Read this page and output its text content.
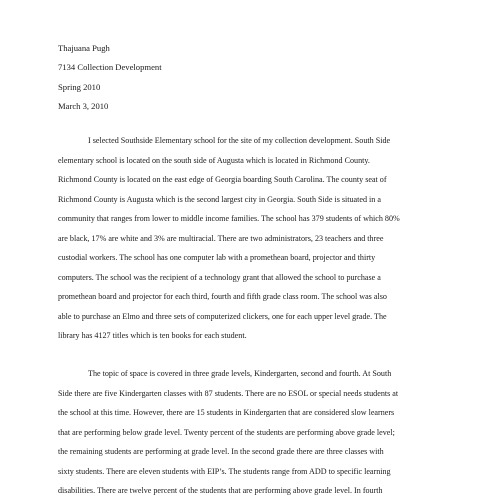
Thajuana Pugh
7134 Collection Development
Spring 2010
March 3, 2010
I selected Southside Elementary school for the site of my collection development. South Side
elementary school is located on the south side of Augusta which is located in Richmond County.
Richmond County is located on the east edge of Georgia boarding South Carolina. The county seat of
Richmond County is Augusta which is the second largest city in Georgia. South Side is situated in a
community that ranges from lower to middle income families. The school has 379 students of which 80%
are black, 17% are white and 3% are multiracial. There are two administrators, 23 teachers and three
custodial workers. The school has one computer lab with a promethean board, projector and thirty
computers. The school was the recipient of a technology grant that allowed the school to purchase a
promethean board and projector for each third, fourth and fifth grade class room. The school was also
able to purchase an Elmo and three sets of computerized clickers, one for each upper level grade. The
library has 4127 titles which is ten books for each student.
The topic of space is covered in three grade levels, Kindergarten, second and fourth. At South
Side there are five Kindergarten classes with 87 students. There are no ESOL or special needs students at
the school at this time. However, there are 15 students in Kindergarten that are considered slow learners
that are performing below grade level. Twenty percent of the students are performing above grade level;
the remaining students are performing at grade level. In the second grade there are three classes with
sixty students. There are eleven students with EIP’s. The students range from ADD to specific learning
disabilities. There are twelve percent of the students that are performing above grade level. In fourth
